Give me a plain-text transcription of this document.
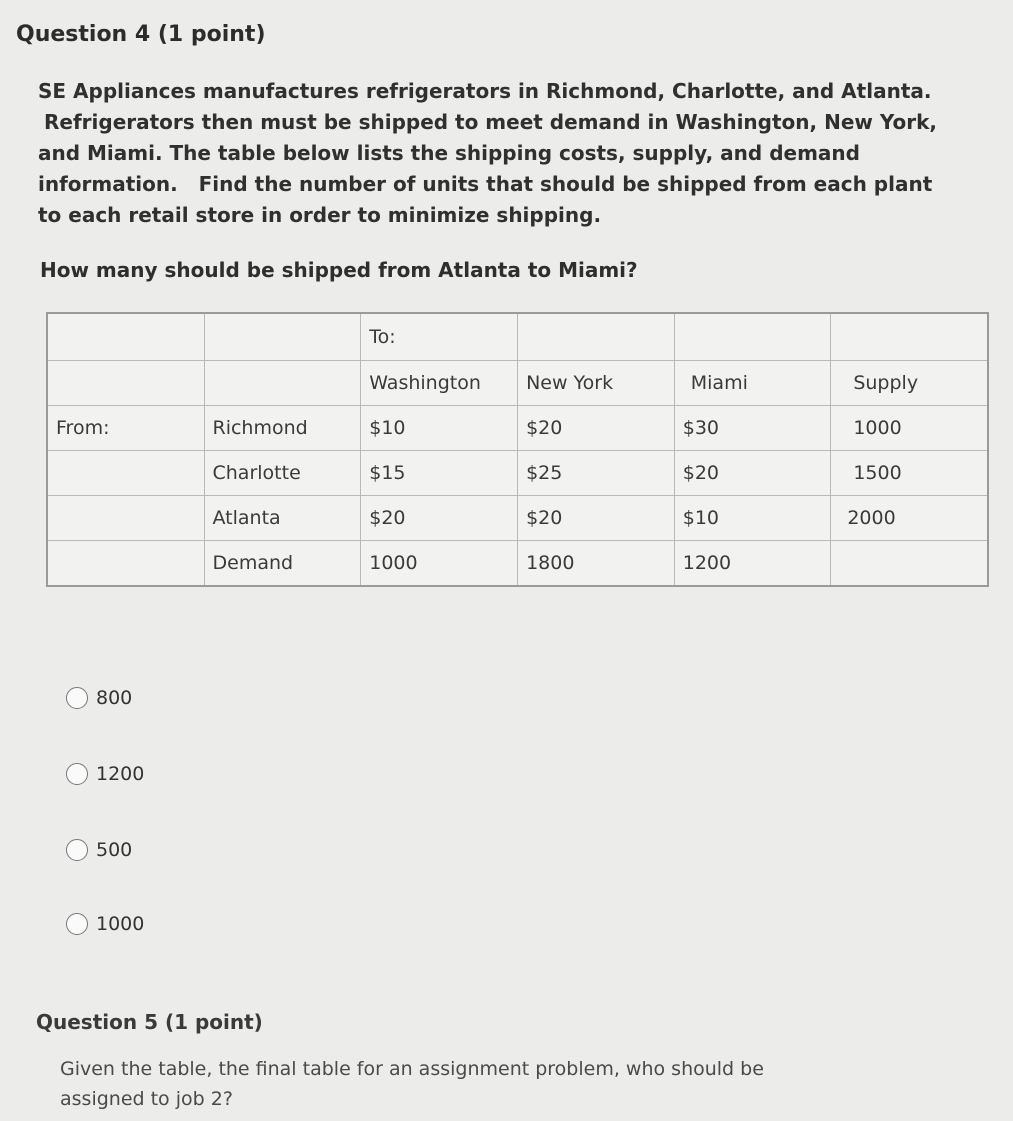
Question 4 (1 point)

SE Appliances manufactures refrigerators in Richmond, Charlotte, and Atlanta.

Refrigerators then must be shipped to meet demand in Washington, New York,

and Miami. The table below lists the shipping costs, supply, and demand

information.   Find the number of units that should be shipped from each plant

to each retail store in order to minimize shipping.

How many should be shipped from Atlanta to Miami?
		To:			
		Washington	New York	Miami	Supply
From:	Richmond	$10	$20	$30	1000
	Charlotte	$15	$25	$20	1500
	Atlanta	$20	$20	$10	2000
	Demand	1000	1800	1200	
800
1200
500
1000
Question 5 (1 point)

Given the table, the final table for an assignment problem, who should be

assigned to job 2?
